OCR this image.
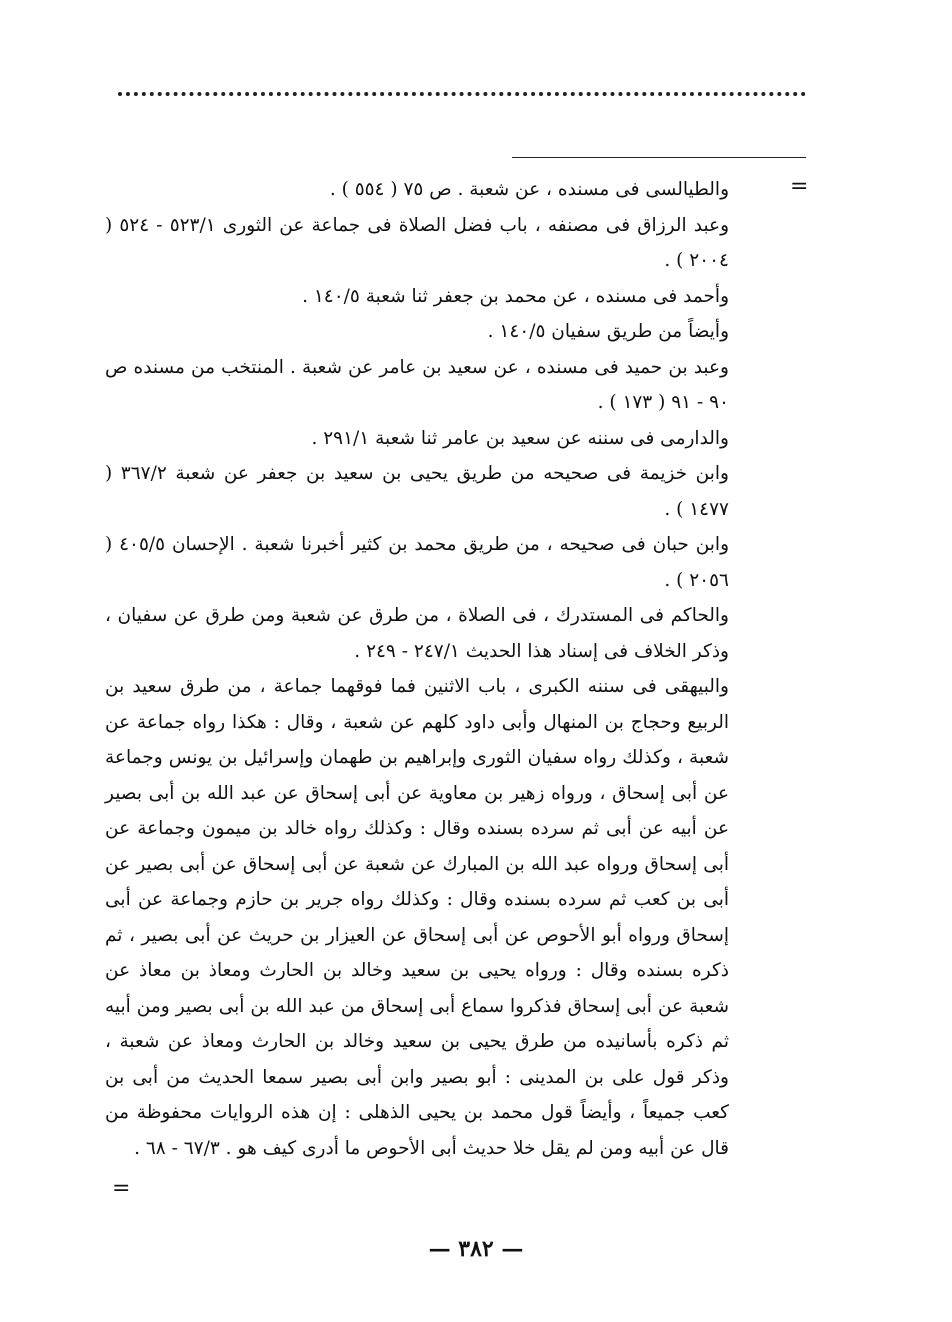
=

والطيالسى فى مسنده ، عن شعبة . ص ٧٥ ( ٥٥٤ ) .

وعبد الرزاق فى مصنفه ، باب فضل الصلاة فى جماعة عن الثورى ٥٢٣/١ - ٥٢٤ ( ٢٠٠٤ ) .

وأحمد فى مسنده ، عن محمد بن جعفر ثنا شعبة ١٤٠/٥ .

وأيضاً من طريق سفيان ١٤٠/٥ .

وعبد بن حميد فى مسنده ، عن سعيد بن عامر عن شعبة . المنتخب من مسنده ص ٩٠ - ٩١ ( ١٧٣ ) .

والدارمى فى سننه عن سعيد بن عامر ثنا شعبة ٢٩١/١ .

وابن خزيمة فى صحيحه من طريق يحيى بن سعيد بن جعفر عن شعبة ٣٦٧/٢ ( ١٤٧٧ ) .

وابن حبان فى صحيحه ، من طريق محمد بن كثير أخبرنا شعبة . الإحسان ٤٠٥/٥ ( ٢٠٥٦ ) .

والحاكم فى المستدرك ، فى الصلاة ، من طرق عن شعبة ومن طرق عن سفيان ، وذكر الخلاف فى إسناد هذا الحديث ٢٤٧/١ - ٢٤٩ .

والبيهقى فى سننه الكبرى ، باب الاثنين فما فوقهما جماعة ، من طرق سعيد بن الربيع وحجاج بن المنهال وأبى داود كلهم عن شعبة ، وقال : هكذا رواه جماعة عن شعبة ، وكذلك رواه سفيان الثورى وإبراهيم بن طهمان وإسرائيل بن يونس وجماعة عن أبى إسحاق ، ورواه زهير بن معاوية عن أبى إسحاق عن عبد الله بن أبى بصير عن أبيه عن أبى ثم سرده بسنده وقال : وكذلك رواه خالد بن ميمون وجماعة عن أبى إسحاق ورواه عبد الله بن المبارك عن شعبة عن أبى إسحاق عن أبى بصير عن أبى بن كعب ثم سرده بسنده وقال : وكذلك رواه جرير بن حازم وجماعة عن أبى إسحاق ورواه أبو الأحوص عن أبى إسحاق عن العيزار بن حريث عن أبى بصير ، ثم ذكره بسنده وقال : ورواه يحيى بن سعيد وخالد بن الحارث ومعاذ بن معاذ عن شعبة عن أبى إسحاق فذكروا سماع أبى إسحاق من عبد الله بن أبى بصير ومن أبيه ثم ذكره بأسانيده من طرق يحيى بن سعيد وخالد بن الحارث ومعاذ عن شعبة ، وذكر قول على بن المدينى : أبو بصير وابن أبى بصير سمعا الحديث من أبى بن كعب جميعاً ، وأيضاً قول محمد بن يحيى الذهلى : إن هذه الروايات محفوظة من قال عن أبيه ومن لم يقل خلا حديث أبى الأحوص ما أدرى كيف هو . ٦٧/٣ - ٦٨ .

=
— ٣٨٢ —
